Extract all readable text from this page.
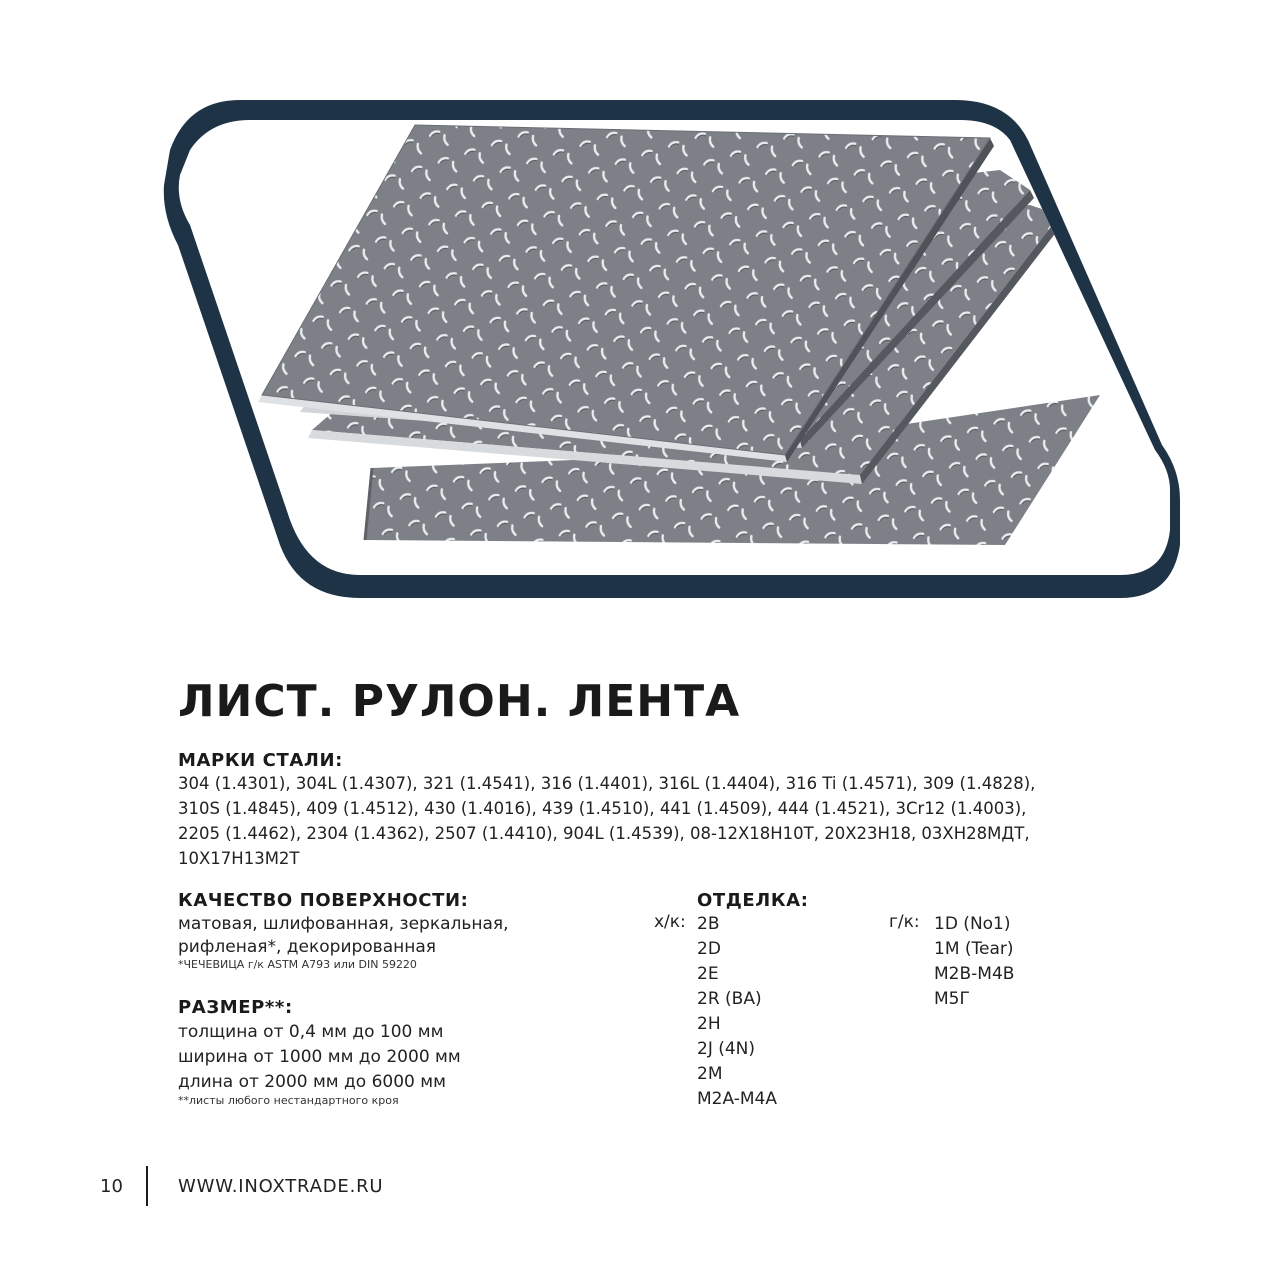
ЛИСТ. РУЛОН. ЛЕНТА
МАРКИ СТАЛИ:
304 (1.4301), 304L (1.4307), 321 (1.4541), 316 (1.4401), 316L (1.4404), 316 Ti (1.4571), 309 (1.4828),
310S (1.4845), 409 (1.4512), 430 (1.4016), 439 (1.4510), 441 (1.4509), 444 (1.4521), 3Cr12 (1.4003),
2205 (1.4462), 2304 (1.4362), 2507 (1.4410), 904L (1.4539), 08-12Х18Н10Т, 20Х23Н18, 03ХН28МДТ,
10Х17Н13М2Т
КАЧЕСТВО ПОВЕРХНОСТИ:
матовая, шлифованная, зеркальная,
рифленая*, декорированная
*ЧЕЧЕВИЦА г/к ASTM A793 или DIN 59220
РАЗМЕР**:
толщина от 0,4 мм до 100 мм
ширина от 1000 мм до 2000 мм
длина от 2000 мм до 6000 мм
**листы любого нестандартного кроя
ОТДЕЛКА:
х/к: 2B
2D
2E
2R (BA)
2H
2J (4N)
2M
M2A-M4A
г/к: 1D (No1)
1M (Tear)
M2B-M4B
M5Г
10	WWW.INOXTRADE.RU
